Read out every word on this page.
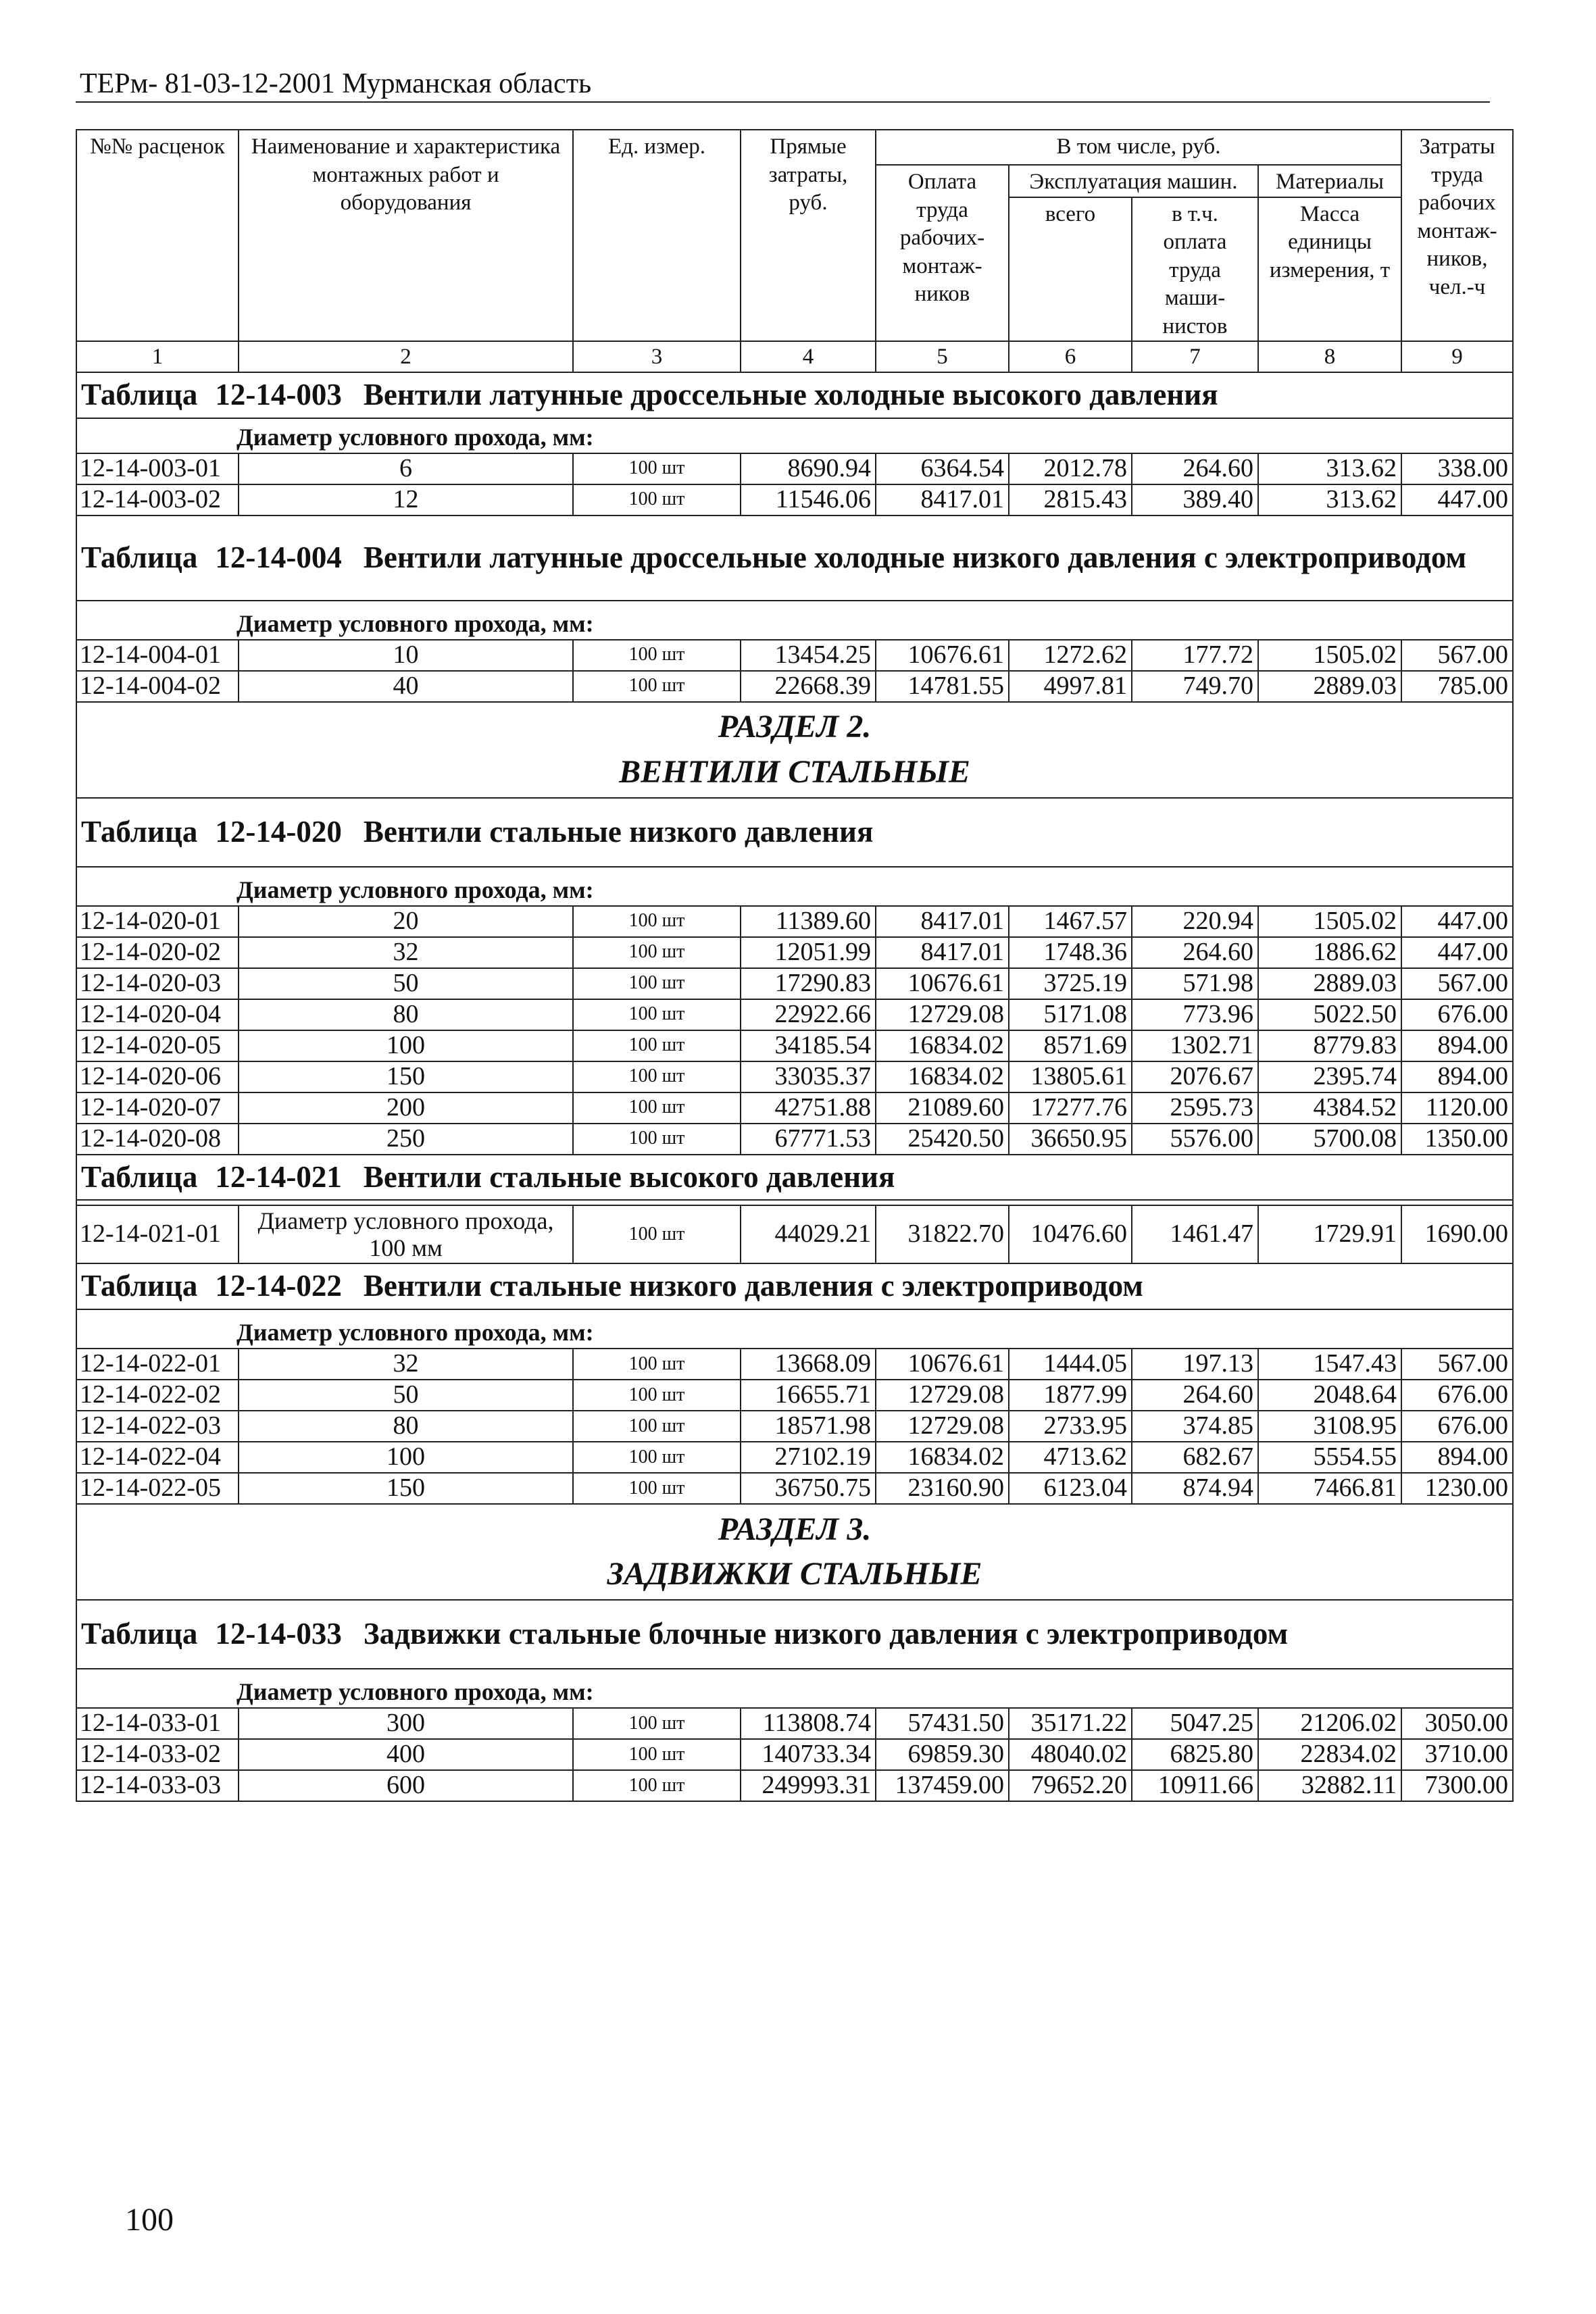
ТЕРм- 81-03-12-2001 Мурманская область
№№ расценок	Наименование и характеристика монтажных работ и оборудования	Ед. измер.	Прямые затраты, руб.	В том числе, руб.				Затраты труда рабочих монтаж-ников, чел.-ч
				Оплата труда рабочих-монтаж-ников	Эксплуатация машин.		Материалы	
					всего	в т.ч. оплата труда маши-нистов	Масса единицы измерения, т	
1	2	3	4	5	6	7	8	9
Таблица 12-14-003 Вентили латунные дроссельные холодные высокого давления								
Диаметр условного прохода, мм:								
12-14-003-01	6	100 шт	8690.94	6364.54	2012.78	264.60	313.62	338.00
12-14-003-02	12	100 шт	11546.06	8417.01	2815.43	389.40	313.62	447.00
Таблица 12-14-004 Вентили латунные дроссельные холодные низкого давления с электроприводом								
Диаметр условного прохода, мм:								
12-14-004-01	10	100 шт	13454.25	10676.61	1272.62	177.72	1505.02	567.00
12-14-004-02	40	100 шт	22668.39	14781.55	4997.81	749.70	2889.03	785.00

РАЗДЕЛ 2.
ВЕНТИЛИ СТАЛЬНЫЕ								

Таблица 12-14-020 Вентили стальные низкого давления								
Диаметр условного прохода, мм:								
12-14-020-01	20	100 шт	11389.60	8417.01	1467.57	220.94	1505.02	447.00
12-14-020-02	32	100 шт	12051.99	8417.01	1748.36	264.60	1886.62	447.00
12-14-020-03	50	100 шт	17290.83	10676.61	3725.19	571.98	2889.03	567.00
12-14-020-04	80	100 шт	22922.66	12729.08	5171.08	773.96	5022.50	676.00
12-14-020-05	100	100 шт	34185.54	16834.02	8571.69	1302.71	8779.83	894.00
12-14-020-06	150	100 шт	33035.37	16834.02	13805.61	2076.67	2395.74	894.00
12-14-020-07	200	100 шт	42751.88	21089.60	17277.76	2595.73	4384.52	1120.00
12-14-020-08	250	100 шт	67771.53	25420.50	36650.95	5576.00	5700.08	1350.00
Таблица 12-14-021 Вентили стальные высокого давления								

12-14-021-01	Диаметр условного прохода, 100 мм	100 шт	44029.21	31822.70	10476.60	1461.47	1729.91	1690.00
Таблица 12-14-022 Вентили стальные низкого давления с электроприводом								
Диаметр условного прохода, мм:								
12-14-022-01	32	100 шт	13668.09	10676.61	1444.05	197.13	1547.43	567.00
12-14-022-02	50	100 шт	16655.71	12729.08	1877.99	264.60	2048.64	676.00
12-14-022-03	80	100 шт	18571.98	12729.08	2733.95	374.85	3108.95	676.00
12-14-022-04	100	100 шт	27102.19	16834.02	4713.62	682.67	5554.55	894.00
12-14-022-05	150	100 шт	36750.75	23160.90	6123.04	874.94	7466.81	1230.00

РАЗДЕЛ 3.
ЗАДВИЖКИ СТАЛЬНЫЕ								

Таблица 12-14-033 Задвижки стальные блочные низкого давления с электроприводом								
Диаметр условного прохода, мм:								
12-14-033-01	300	100 шт	113808.74	57431.50	35171.22	5047.25	21206.02	3050.00
12-14-033-02	400	100 шт	140733.34	69859.30	48040.02	6825.80	22834.02	3710.00
12-14-033-03	600	100 шт	249993.31	137459.00	79652.20	10911.66	32882.11	7300.00
100
